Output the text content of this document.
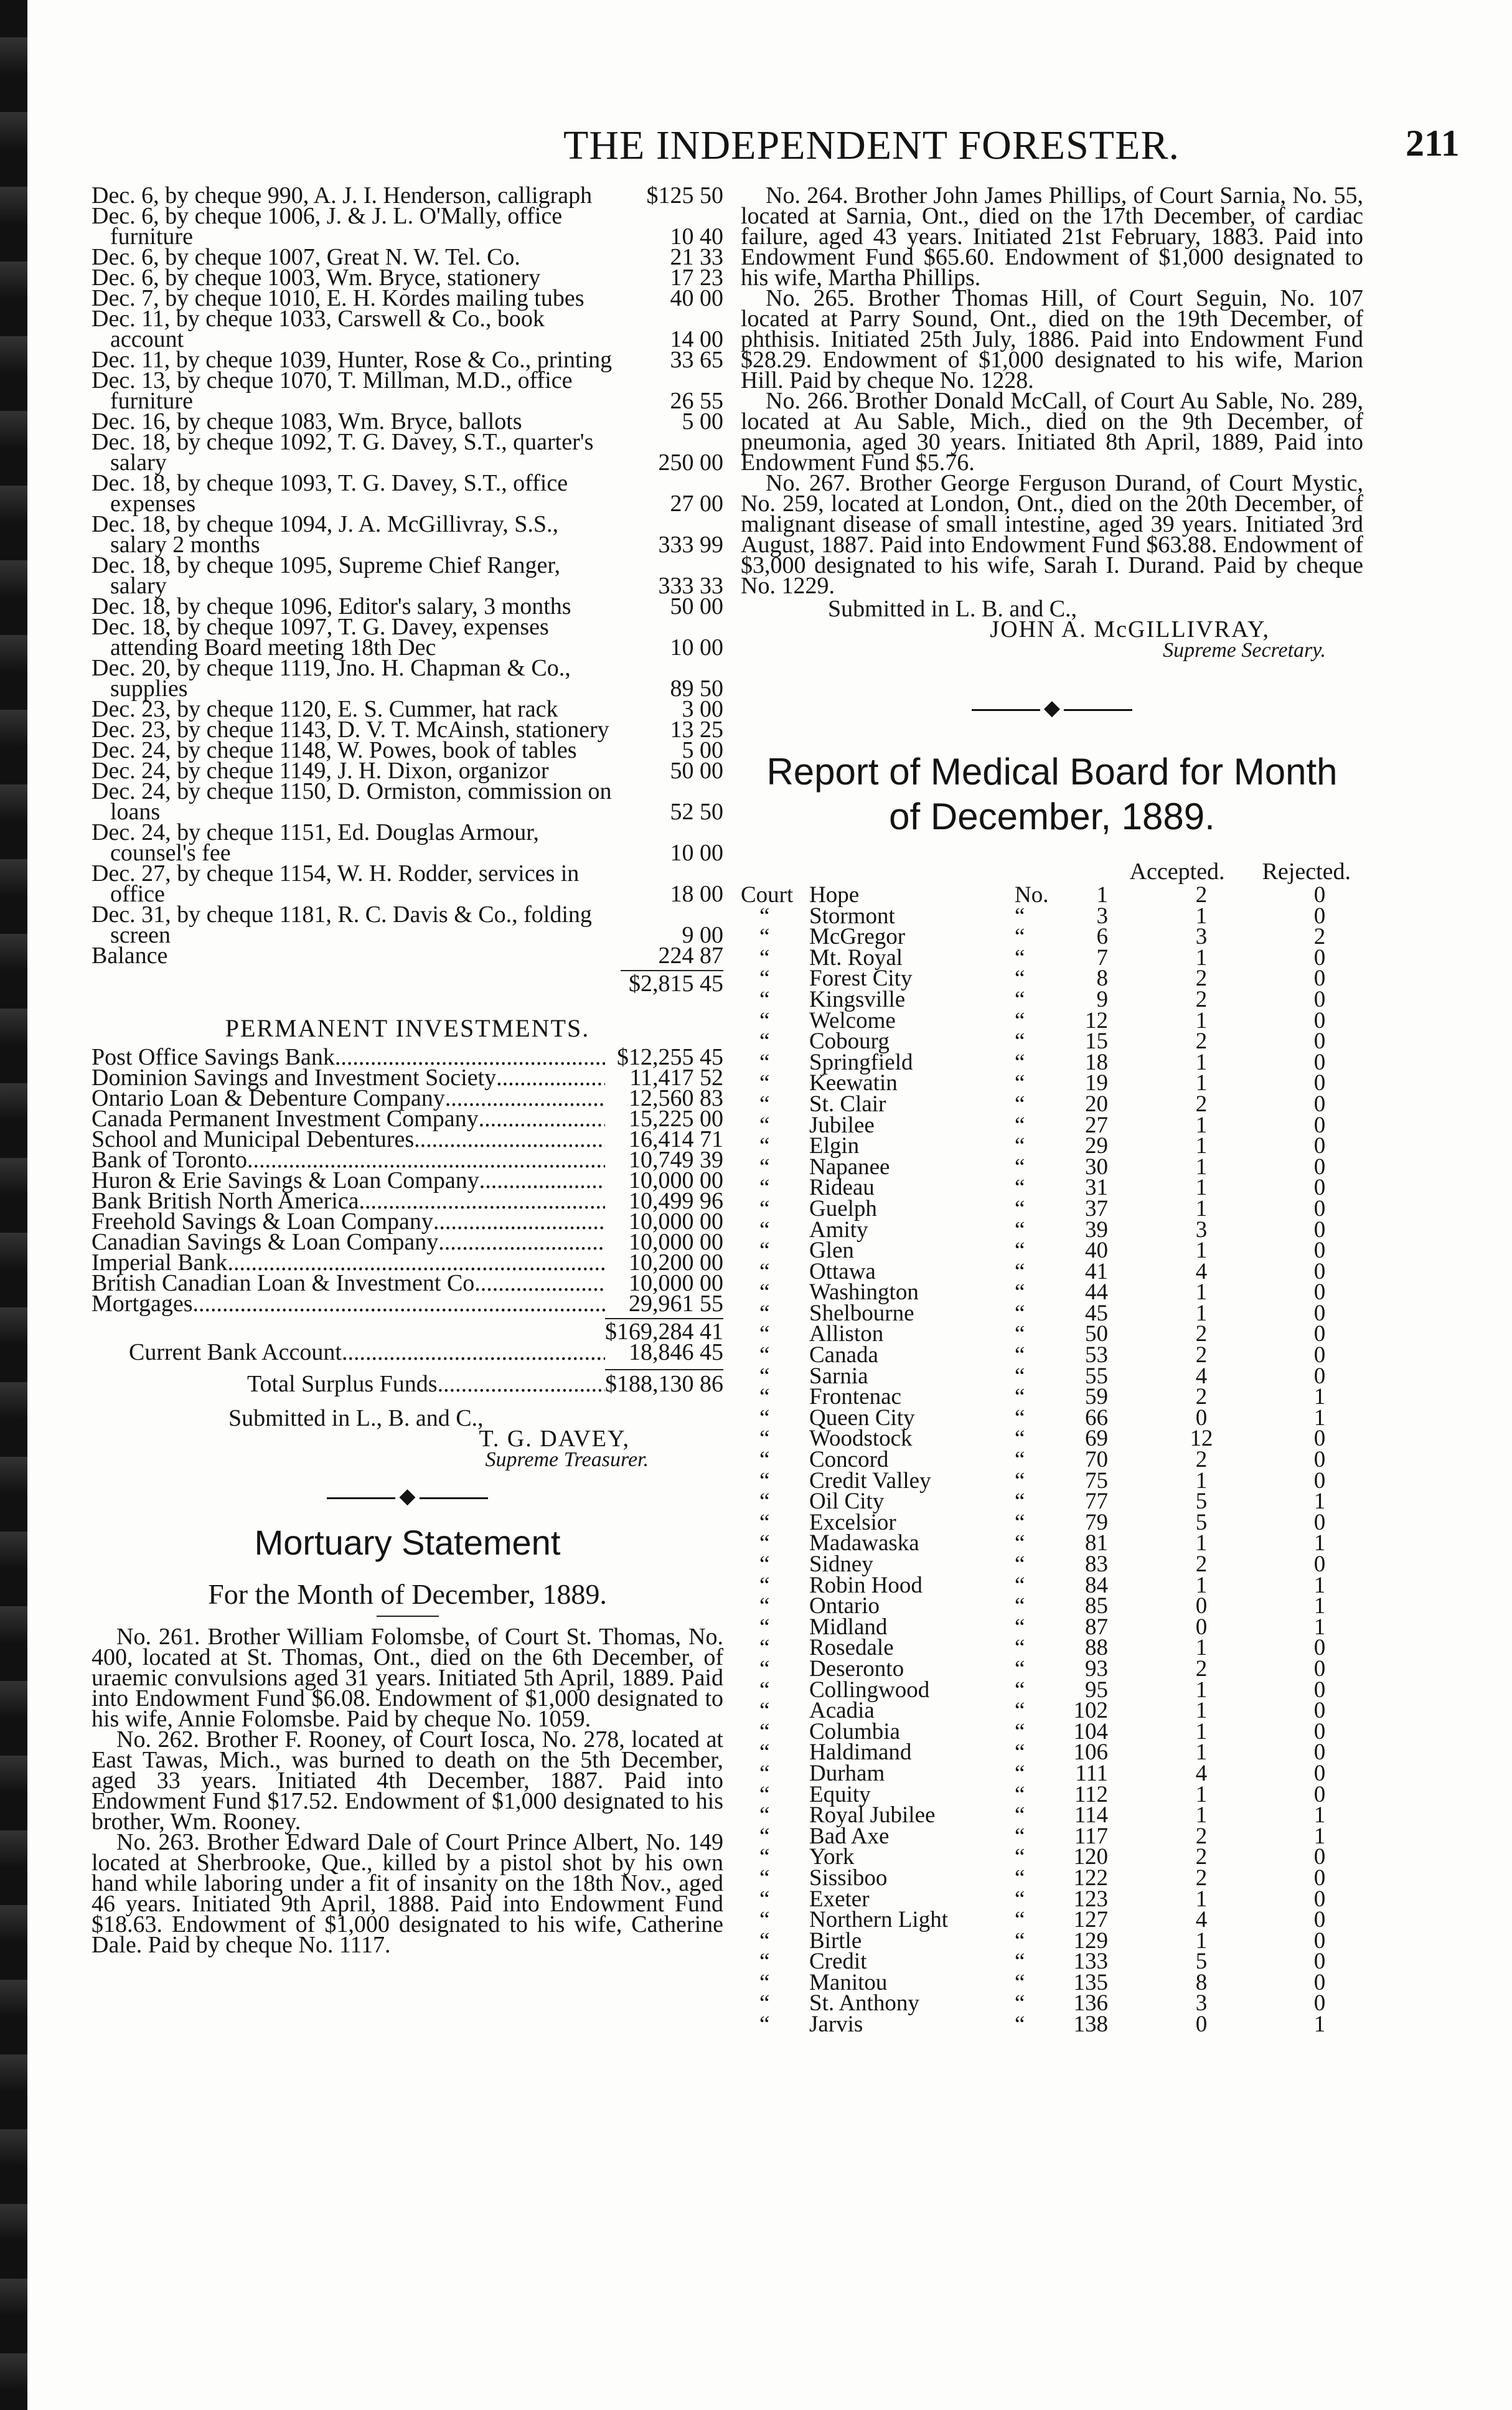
THE INDEPENDENT FORESTER.	211
Dec. 6, by cheque 990, A. J. I. Henderson, calligraph	$125 50
Dec. 6, by cheque 1006, J. & J. L. O'Mally, office furniture	10 40
Dec. 6, by cheque 1007, Great N. W. Tel. Co.	21 33
Dec. 6, by cheque 1003, Wm. Bryce, stationery	17 23
Dec. 7, by cheque 1010, E. H. Kordes mailing tubes	40 00
Dec. 11, by cheque 1033, Carswell & Co., book account	14 00
Dec. 11, by cheque 1039, Hunter, Rose & Co., printing	33 65
Dec. 13, by cheque 1070, T. Millman, M.D., office furniture	26 55
Dec. 16, by cheque 1083, Wm. Bryce, ballots	5 00
Dec. 18, by cheque 1092, T. G. Davey, S.T., quarter's salary	250 00
Dec. 18, by cheque 1093, T. G. Davey, S.T., office expenses	27 00
Dec. 18, by cheque 1094, J. A. McGillivray, S.S., salary 2 months	333 99
Dec. 18, by cheque 1095, Supreme Chief Ranger, salary	333 33
Dec. 18, by cheque 1096, Editor's salary, 3 months	50 00
Dec. 18, by cheque 1097, T. G. Davey, expenses attending Board meeting 18th Dec	10 00
Dec. 20, by cheque 1119, Jno. H. Chapman & Co., supplies	89 50
Dec. 23, by cheque 1120, E. S. Cummer, hat rack	3 00
Dec. 23, by cheque 1143, D. V. T. McAinsh, stationery	13 25
Dec. 24, by cheque 1148, W. Powes, book of tables	5 00
Dec. 24, by cheque 1149, J. H. Dixon, organizor	50 00
Dec. 24, by cheque 1150, D. Ormiston, commission on loans	52 50
Dec. 24, by cheque 1151, Ed. Douglas Armour, counsel's fee	10 00
Dec. 27, by cheque 1154, W. H. Rodder, services in office	18 00
Dec. 31, by cheque 1181, R. C. Davis & Co., folding screen	9 00
Balance	224 87
$2,815 45
PERMANENT INVESTMENTS.
Post Office Savings Bank .....	$12,255 45
Dominion Savings and Investment Society .....	11,417 52
Ontario Loan & Debenture Company .....	12,560 83
Canada Permanent Investment Company .....	15,225 00
School and Municipal Debentures .....	16,414 71
Bank of Toronto .....	10,749 39
Huron & Erie Savings & Loan Company .....	10,000 00
Bank British North America .....	10,499 96
Freehold Savings & Loan Company .....	10,000 00
Canadian Savings & Loan Company .....	10,000 00
Imperial Bank .....	10,200 00
British Canadian Loan & Investment Co. .....	10,000 00
Mortgages .....	29,961 55
$169,284 41
Current Bank Account .....	18,846 45
Total Surplus Funds .....	$188,130 86
Submitted in L., B. and C.,
T. G. DAVEY,
Supreme Treasurer.
◆
Mortuary Statement
For the Month of December, 1889.

No. 261. Brother William Folomsbe, of Court St. Thomas, No. 400, located at St. Thomas, Ont., died on the 6th December, of uraemic convulsions aged 31 years. Initiated 5th April, 1889. Paid into Endowment Fund $6.08. Endowment of $1,000 designated to his wife, Annie Folomsbe. Paid by cheque No. 1059.

No. 262. Brother F. Rooney, of Court Iosca, No. 278, located at East Tawas, Mich., was burned to death on the 5th December, aged 33 years. Initiated 4th December, 1887. Paid into Endowment Fund $17.52. Endowment of $1,000 designated to his brother, Wm. Rooney.

No. 263. Brother Edward Dale of Court Prince Albert, No. 149 located at Sherbrooke, Que., killed by a pistol shot by his own hand while laboring under a fit of insanity on the 18th Nov., aged 46 years. Initiated 9th April, 1888. Paid into Endowment Fund $18.63. Endowment of $1,000 designated to his wife, Catherine Dale. Paid by cheque No. 1117.

No. 264. Brother John James Phillips, of Court Sarnia, No. 55, located at Sarnia, Ont., died on the 17th December, of cardiac failure, aged 43 years. Initiated 21st February, 1883. Paid into Endowment Fund $65.60. Endowment of $1,000 designated to his wife, Martha Phillips.

No. 265. Brother Thomas Hill, of Court Seguin, No. 107 located at Parry Sound, Ont., died on the 19th December, of phthisis. Initiated 25th July, 1886. Paid into Endowment Fund $28.29. Endowment of $1,000 designated to his wife, Marion Hill. Paid by cheque No. 1228.

No. 266. Brother Donald McCall, of Court Au Sable, No. 289, located at Au Sable, Mich., died on the 9th December, of pneumonia, aged 30 years. Initiated 8th April, 1889, Paid into Endowment Fund $5.76.

No. 267. Brother George Ferguson Durand, of Court Mystic, No. 259, located at London, Ont., died on the 20th December, of malignant disease of small intestine, aged 39 years. Initiated 3rd August, 1887. Paid into Endowment Fund $63.88. Endowment of $3,000 designated to his wife, Sarah I. Durand. Paid by cheque No. 1229.

Submitted in L. B. and C.,
JOHN A. McGILLIVRAY,
Supreme Secretary.
◆
Report of Medical Board for Month
of December, 1889.
Accepted. Rejected.
Court	Hope	No.	1	2	0
“	Stormont	“	3	1	0
“	McGregor	“	6	3	2
“	Mt. Royal	“	7	1	0
“	Forest City	“	8	2	0
“	Kingsville	“	9	2	0
“	Welcome	“	12	1	0
“	Cobourg	“	15	2	0
“	Springfield	“	18	1	0
“	Keewatin	“	19	1	0
“	St. Clair	“	20	2	0
“	Jubilee	“	27	1	0
“	Elgin	“	29	1	0
“	Napanee	“	30	1	0
“	Rideau	“	31	1	0
“	Guelph	“	37	1	0
“	Amity	“	39	3	0
“	Glen	“	40	1	0
“	Ottawa	“	41	4	0
“	Washington	“	44	1	0
“	Shelbourne	“	45	1	0
“	Alliston	“	50	2	0
“	Canada	“	53	2	0
“	Sarnia	“	55	4	0
“	Frontenac	“	59	2	1
“	Queen City	“	66	0	1
“	Woodstock	“	69	12	0
“	Concord	“	70	2	0
“	Credit Valley	“	75	1	0
“	Oil City	“	77	5	1
“	Excelsior	“	79	5	0
“	Madawaska	“	81	1	1
“	Sidney	“	83	2	0
“	Robin Hood	“	84	1	1
“	Ontario	“	85	0	1
“	Midland	“	87	0	1
“	Rosedale	“	88	1	0
“	Deseronto	“	93	2	0
“	Collingwood	“	95	1	0
“	Acadia	“	102	1	0
“	Columbia	“	104	1	0
“	Haldimand	“	106	1	0
“	Durham	“	111	4	0
“	Equity	“	112	1	0
“	Royal Jubilee	“	114	1	1
“	Bad Axe	“	117	2	1
“	York	“	120	2	0
“	Sissiboo	“	122	2	0
“	Exeter	“	123	1	0
“	Northern Light	“	127	4	0
“	Birtle	“	129	1	0
“	Credit	“	133	5	0
“	Manitou	“	135	8	0
“	St. Anthony	“	136	3	0
“	Jarvis	“	138	0	1
